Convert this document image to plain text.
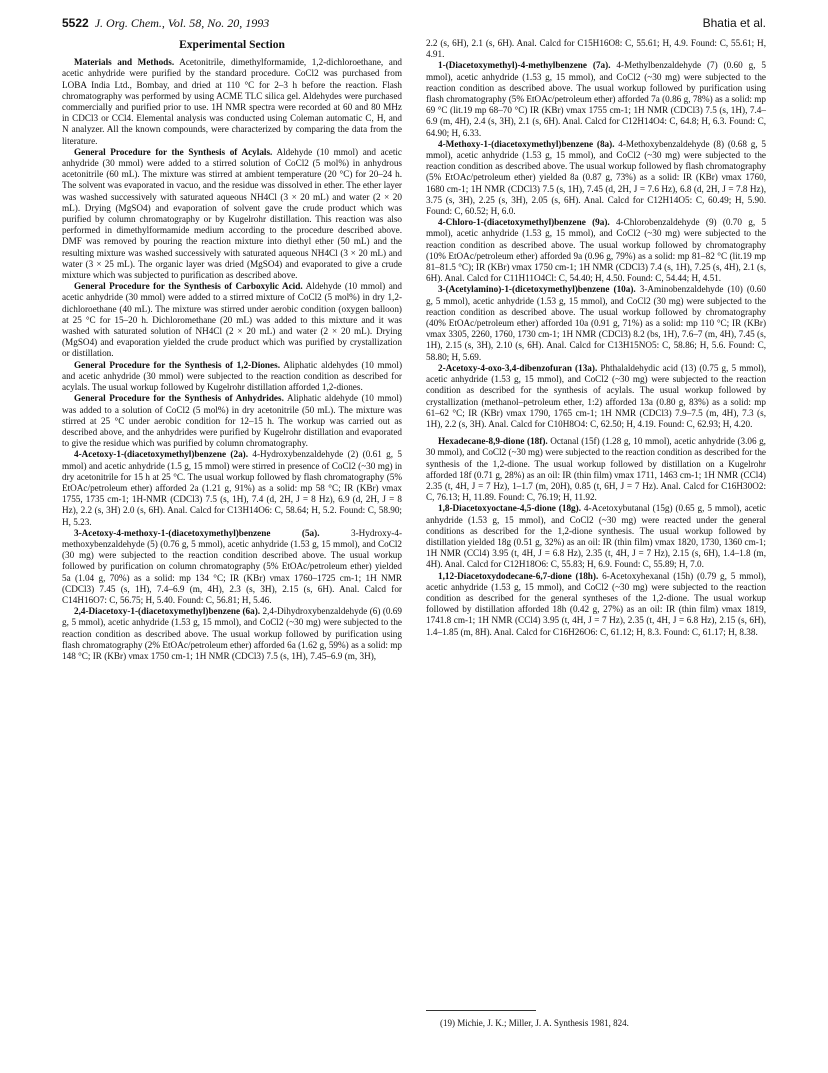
5522 J. Org. Chem., Vol. 58, No. 20, 1993	Bhatia et al.
Experimental Section

Materials and Methods. Acetonitrile, dimethylformamide, 1,2-dichloroethane, and acetic anhydride were purified by the standard procedure. CoCl2 was purchased from LOBA India Ltd., Bombay, and dried at 110 °C for 2–3 h before the reaction. Flash chromatography was performed by using ACME TLC silica gel. Aldehydes were purchased commercially and purified prior to use. 1H NMR spectra were recorded at 60 and 80 MHz in CDCl3 or CCl4. Elemental analysis was conducted using Coleman automatic C, H, and N analyzer. All the known compounds, were characterized by comparing the data from the literature.

General Procedure for the Synthesis of Acylals. Aldehyde (10 mmol) and acetic anhydride (30 mmol) were added to a stirred solution of CoCl2 (5 mol%) in anhydrous acetonitrile (60 mL). The mixture was stirred at ambient temperature (20 °C) for 20–24 h. The solvent was evaporated in vacuo, and the residue was dissolved in ether. The ether layer was washed successively with saturated aqueous NH4Cl (3 × 20 mL) and water (2 × 20 mL). Drying (MgSO4) and evaporation of solvent gave the crude product which was purified by column chromatography or by Kugelrohr distillation. This reaction was also performed in dimethylformamide medium according to the procedure described above. DMF was removed by pouring the reaction mixture into diethyl ether (50 mL) and the resulting mixture was washed successively with saturated aqueous NH4Cl (3 × 20 mL) and water (3 × 25 mL). The organic layer was dried (MgSO4) and evaporated to give a crude mixture which was subjected to purification as described above.

General Procedure for the Synthesis of Carboxylic Acid. Aldehyde (10 mmol) and acetic anhydride (30 mmol) were added to a stirred mixture of CoCl2 (5 mol%) in dry 1,2-dichloroethane (40 mL). The mixture was stirred under aerobic condition (oxygen balloon) at 25 °C for 15–20 h. Dichloromethane (20 mL) was added to this mixture and it was washed with saturated solution of NH4Cl (2 × 20 mL) and water (2 × 20 mL). Drying (MgSO4) and evaporation yielded the crude product which was purified by crystallization or distillation.

General Procedure for the Synthesis of 1,2-Diones. Aliphatic aldehydes (10 mmol) and acetic anhydride (30 mmol) were subjected to the reaction condition as described for acylals. The usual workup followed by Kugelrohr distillation afforded 1,2-diones.

General Procedure for the Synthesis of Anhydrides. Aliphatic aldehyde (10 mmol) was added to a solution of CoCl2 (5 mol%) in dry acetonitrile (50 mL). The mixture was stirred at 25 °C under aerobic condition for 12–15 h. The workup was carried out as described above, and the anhydrides were purified by Kugelrohr distillation and evaporated to give the residue which was purified by column chromatography.

4-Acetoxy-1-(diacetoxymethyl)benzene (2a). 4-Hydroxybenzaldehyde (2) (0.61 g, 5 mmol) and acetic anhydride (1.5 g, 15 mmol) were stirred in presence of CoCl2 (~30 mg) in dry acetonitrile for 15 h at 25 °C. The usual workup followed by flash chromatography (5% EtOAc/petroleum ether) afforded 2a (1.21 g, 91%) as a solid: mp 58 °C; IR (KBr) νmax 1755, 1735 cm-1; 1H-NMR (CDCl3) 7.5 (s, 1H), 7.4 (d, 2H, J = 8 Hz), 6.9 (d, 2H, J = 8 Hz), 2.2 (s, 3H) 2.0 (s, 6H). Anal. Calcd for C13H14O6: C, 58.64; H, 5.2. Found: C, 58.90; H, 5.23.

3-Acetoxy-4-methoxy-1-(diacetoxymethyl)benzene (5a). 3-Hydroxy-4-methoxybenzaldehyde (5) (0.76 g, 5 mmol), acetic anhydride (1.53 g, 15 mmol), and CoCl2 (30 mg) were subjected to the reaction condition described above. The usual workup followed by purification on column chromatography (5% EtOAc/petroleum ether) yielded 5a (1.04 g, 70%) as a solid: mp 134 °C; IR (KBr) νmax 1760–1725 cm-1; 1H NMR (CDCl3) 7.45 (s, 1H), 7.4–6.9 (m, 4H), 2.3 (s, 3H), 2.15 (s, 6H). Anal. Calcd for C14H16O7: C, 56.75; H, 5.40. Found: C, 56.81; H, 5.46.

2,4-Diacetoxy-1-(diacetoxymethyl)benzene (6a). 2,4-Dihydroxybenzaldehyde (6) (0.69 g, 5 mmol), acetic anhydride (1.53 g, 15 mmol), and CoCl2 (~30 mg) were subjected to the reaction condition as described above. The usual workup followed by purification using flash chromatography (2% EtOAc/petroleum ether) afforded 6a (1.62 g, 59%) as a solid: mp 148 °C; IR (KBr) νmax 1750 cm-1; 1H NMR (CDCl3) 7.5 (s, 1H), 7.45–6.9 (m, 3H),

2.2 (s, 6H), 2.1 (s, 6H). Anal. Calcd for C15H16O8: C, 55.61; H, 4.9. Found: C, 55.61; H, 4.91.

1-(Diacetoxymethyl)-4-methylbenzene (7a). 4-Methylbenzaldehyde (7) (0.60 g, 5 mmol), acetic anhydride (1.53 g, 15 mmol), and CoCl2 (~30 mg) were subjected to the reaction condition as described above. The usual workup followed by purification using flash chromatography (5% EtOAc/petroleum ether) afforded 7a (0.86 g, 78%) as a solid: mp 69 °C (lit.19 mp 68–70 °C) IR (KBr) νmax 1755 cm-1; 1H NMR (CDCl3) 7.5 (s, 1H), 7.4–6.9 (m, 4H), 2.4 (s, 3H), 2.1 (s, 6H). Anal. Calcd for C12H14O4: C, 64.8; H, 6.3. Found: C, 64.90; H, 6.33.

4-Methoxy-1-(diacetoxymethyl)benzene (8a). 4-Methoxybenzaldehyde (8) (0.68 g, 5 mmol), acetic anhydride (1.53 g, 15 mmol), and CoCl2 (~30 mg) were subjected to the reaction condition as described above. The usual workup followed by flash chromatography (5% EtOAc/petroleum ether) yielded 8a (0.87 g, 73%) as a solid: IR (KBr) νmax 1760, 1680 cm-1; 1H NMR (CDCl3) 7.5 (s, 1H), 7.45 (d, 2H, J = 7.6 Hz), 6.8 (d, 2H, J = 7.8 Hz), 3.75 (s, 3H), 2.25 (s, 3H), 2.05 (s, 6H). Anal. Calcd for C12H14O5: C, 60.49; H, 5.90. Found: C, 60.52; H, 6.0.

4-Chloro-1-(diacetoxymethyl)benzene (9a). 4-Chlorobenzaldehyde (9) (0.70 g, 5 mmol), acetic anhydride (1.53 g, 15 mmol), and CoCl2 (~30 mg) were subjected to the reaction condition as described above. The usual workup followed by chromatography (10% EtOAc/petroleum ether) afforded 9a (0.96 g, 79%) as a solid: mp 81–82 °C (lit.19 mp 81–81.5 °C); IR (KBr) νmax 1750 cm-1; 1H NMR (CDCl3) 7.4 (s, 1H), 7.25 (s, 4H), 2.1 (s, 6H). Anal. Calcd for C11H11O4Cl: C, 54.40; H, 4.50. Found: C, 54.44; H, 4.51.

3-(Acetylamino)-1-(dicetoxymethyl)benzene (10a). 3-Aminobenzaldehyde (10) (0.60 g, 5 mmol), acetic anhydride (1.53 g, 15 mmol), and CoCl2 (30 mg) were subjected to the reaction condition as described above. The usual workup followed by chromatography (40% EtOAc/petroleum ether) afforded 10a (0.91 g, 71%) as a solid: mp 110 °C; IR (KBr) νmax 3305, 2260, 1760, 1730 cm-1; 1H NMR (CDCl3) 8.2 (bs, 1H), 7.6–7 (m, 4H), 7.45 (s, 1H), 2.15 (s, 3H), 2.10 (s, 6H). Anal. Calcd for C13H15NO5: C, 58.86; H, 5.6. Found: C, 58.80; H, 5.69.

2-Acetoxy-4-oxo-3,4-dibenzofuran (13a). Phthalaldehydic acid (13) (0.75 g, 5 mmol), acetic anhydride (1.53 g, 15 mmol), and CoCl2 (~30 mg) were subjected to the reaction condition as described for the synthesis of acylals. The usual workup followed by crystallization (methanol–petroleum ether, 1:2) afforded 13a (0.80 g, 83%) as a solid: mp 61–62 °C; IR (KBr) νmax 1790, 1765 cm-1; 1H NMR (CDCl3) 7.9–7.5 (m, 4H), 7.3 (s, 1H), 2.2 (s, 3H). Anal. Calcd for C10H8O4: C, 62.50; H, 4.19. Found: C, 62.93; H, 4.20.

Hexadecane-8,9-dione (18f). Octanal (15f) (1.28 g, 10 mmol), acetic anhydride (3.06 g, 30 mmol), and CoCl2 (~30 mg) were subjected to the reaction condition as described for the synthesis of the 1,2-dione. The usual workup followed by distillation on a Kugelrohr afforded 18f (0.71 g, 28%) as an oil: IR (thin film) νmax 1711, 1463 cm-1; 1H NMR (CCl4) 2.35 (t, 4H, J = 7 Hz), 1–1.7 (m, 20H), 0.85 (t, 6H, J = 7 Hz). Anal. Calcd for C16H30O2: C, 76.13; H, 11.89. Found: C, 76.19; H, 11.92.

1,8-Diacetoxyoctane-4,5-dione (18g). 4-Acetoxybutanal (15g) (0.65 g, 5 mmol), acetic anhydride (1.53 g, 15 mmol), and CoCl2 (~30 mg) were reacted under the general conditions as described for the 1,2-dione synthesis. The usual workup followed by distillation yielded 18g (0.51 g, 32%) as an oil: IR (thin film) νmax 1820, 1730, 1360 cm-1; 1H NMR (CCl4) 3.95 (t, 4H, J = 6.8 Hz), 2.35 (t, 4H, J = 7 Hz), 2.15 (s, 6H), 1.4–1.8 (m, 4H). Anal. Calcd for C12H18O6: C, 55.83; H, 6.9. Found: C, 55.89; H, 7.0.

1,12-Diacetoxydodecane-6,7-dione (18h). 6-Acetoxyhexanal (15h) (0.79 g, 5 mmol), acetic anhydride (1.53 g, 15 mmol), and CoCl2 (~30 mg) were subjected to the reaction condition as described for the general syntheses of the 1,2-dione. The usual workup followed by distillation afforded 18h (0.42 g, 27%) as an oil: IR (thin film) νmax 1819, 1741.8 cm-1; 1H NMR (CCl4) 3.95 (t, 4H, J = 7 Hz), 2.35 (t, 4H, J = 6.8 Hz), 2.15 (s, 6H), 1.4–1.85 (m, 8H). Anal. Calcd for C16H26O6: C, 61.12; H, 8.3. Found: C, 61.17; H, 8.38.

(19) Michie, J. K.; Miller, J. A. Synthesis 1981, 824.
